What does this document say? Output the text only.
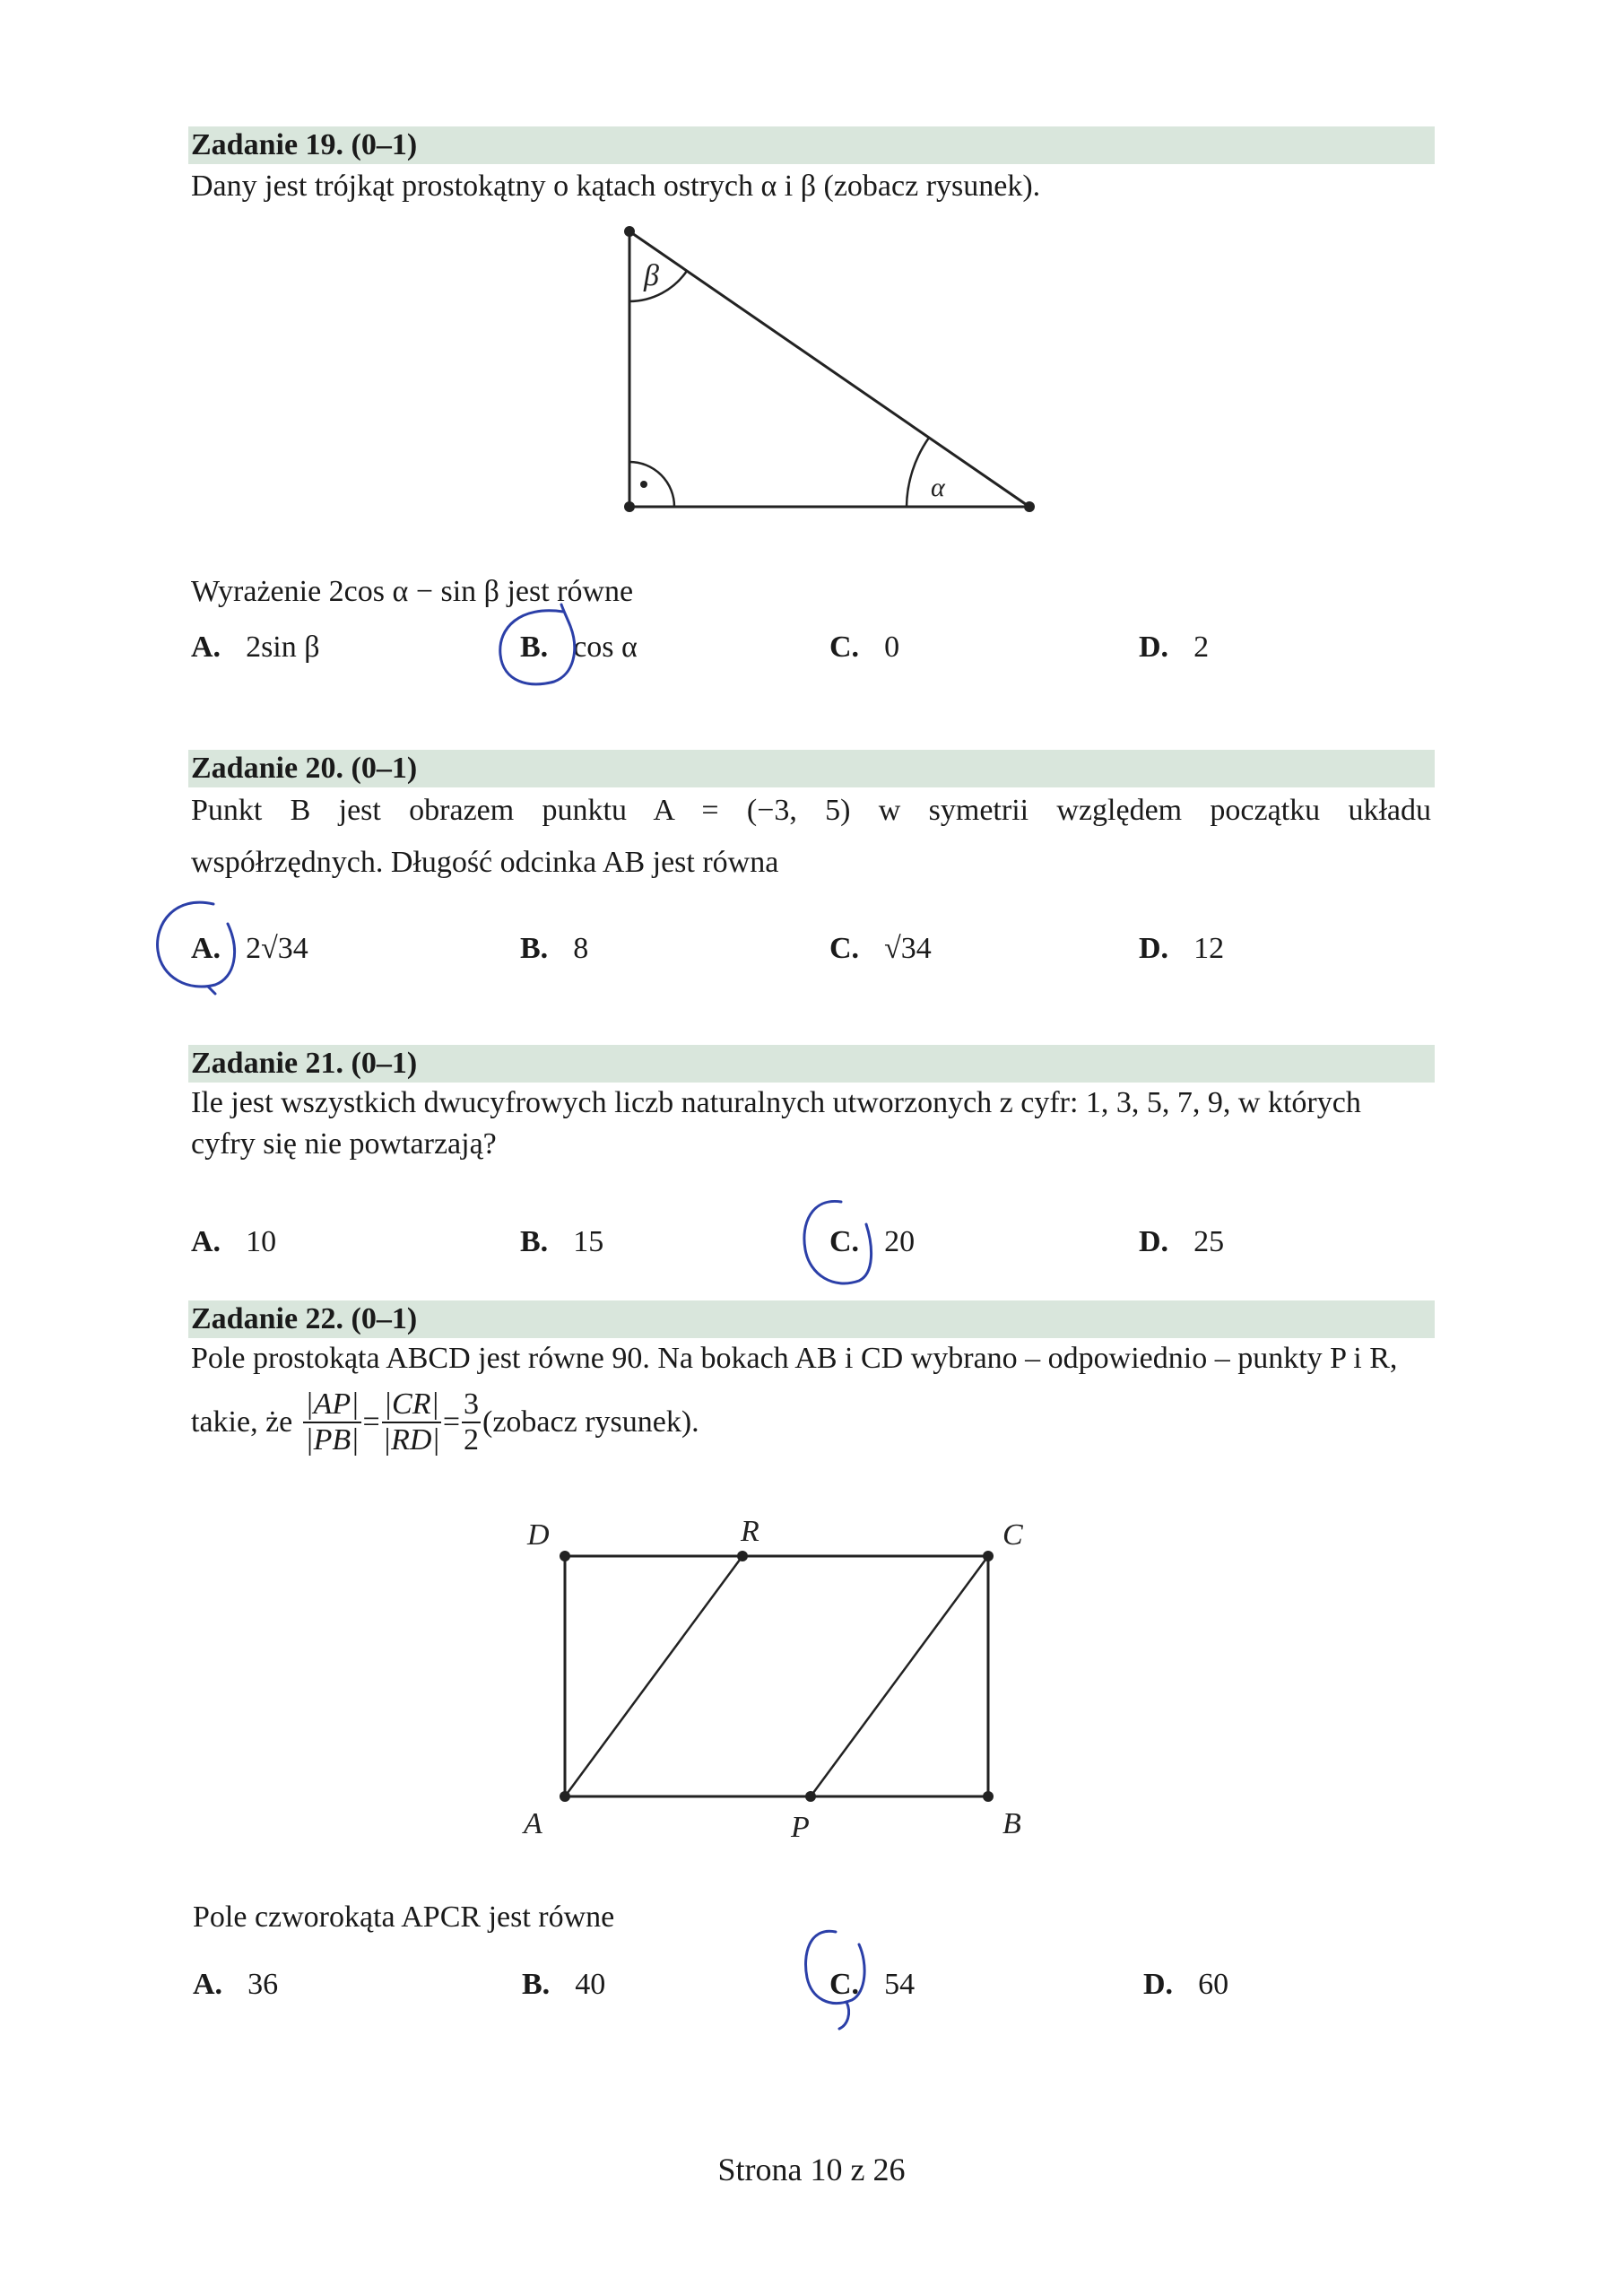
Zadanie 19. (0–1)
Dany jest trójkąt prostokątny o kątach ostrych α i β (zobacz rysunek).
β
α
Wyrażenie 2cos α − sin β jest równe
A. 2sin β	B. cos α	C. 0	D. 2
Zadanie 20. (0–1)
Punkt B jest obrazem punktu A = (−3, 5) w symetrii względem początku układu
współrzędnych. Długość odcinka AB jest równa
A. 2√34	B. 8	C. √34	D. 12
Zadanie 21. (0–1)
Ile jest wszystkich dwucyfrowych liczb naturalnych utworzonych z cyfr: 1, 3, 5, 7, 9, w których
cyfry się nie powtarzają?
A. 10	B. 15	C. 20	D. 25
Zadanie 22. (0–1)
Pole prostokąta ABCD jest równe 90. Na bokach AB i CD wybrano – odpowiednio – punkty P i R,
takie, że $\frac{|AP|}{|PB|} = \frac{|CR|}{|RD|} = \frac{3}{2}$ (zobacz rysunek).
D	R	C
A	P	B
Pole czworokąta APCR jest równe
A. 36	B. 40	C. 54	D. 60
Strona 10 z 26
